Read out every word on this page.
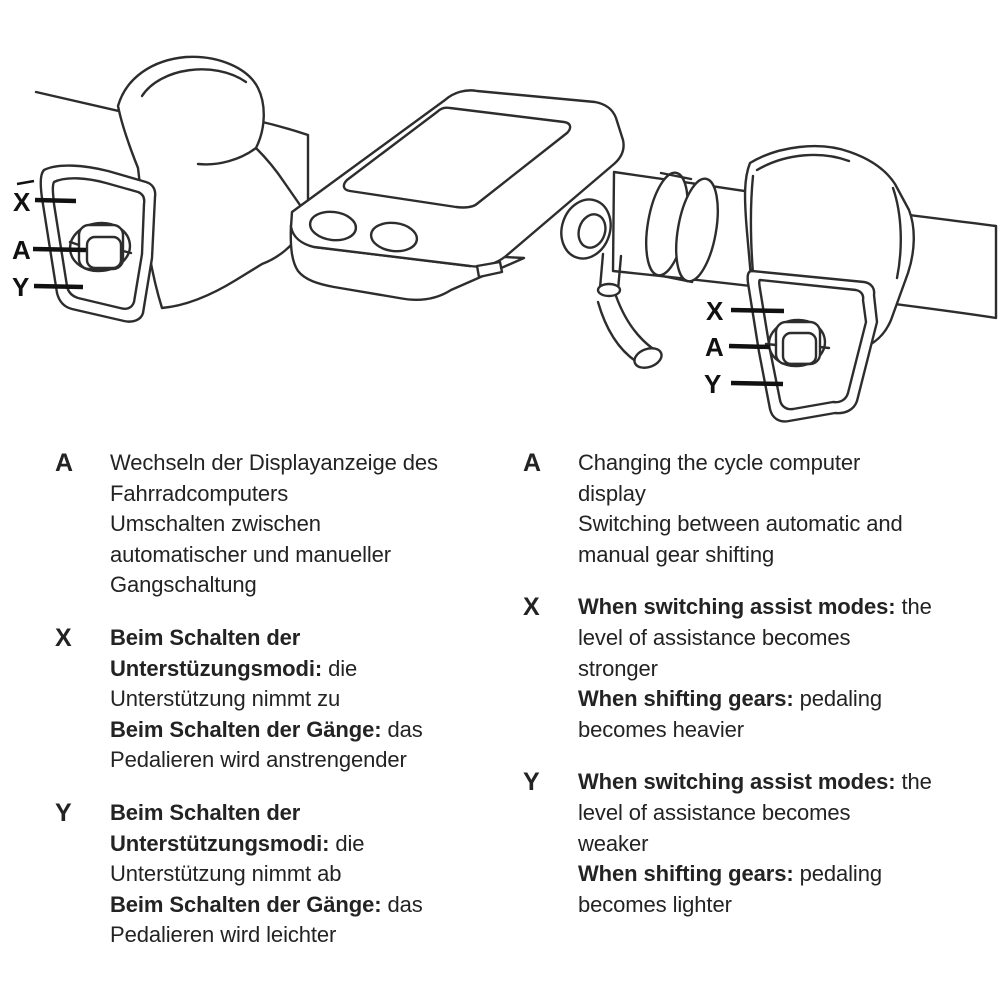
X
A
Y
X
A
Y
A	Wechseln der Displayanzeige des
Fahrradcomputers
Umschalten zwischen
automatischer und manueller
Gangschaltung
X	Beim Schalten der
Unterstüzungsmodi: die
Unterstützung nimmt zu
Beim Schalten der Gänge: das
Pedalieren wird anstrengender
Y	Beim Schalten der
Unterstützungsmodi: die
Unterstützung nimmt ab
Beim Schalten der Gänge: das
Pedalieren wird leichter
A	Changing the cycle computer
display
Switching between automatic and
manual gear shifting
X	When switching assist modes: the
level of assistance becomes
stronger
When shifting gears: pedaling
becomes heavier
Y	When switching assist modes: the
level of assistance becomes
weaker
When shifting gears: pedaling
becomes lighter
